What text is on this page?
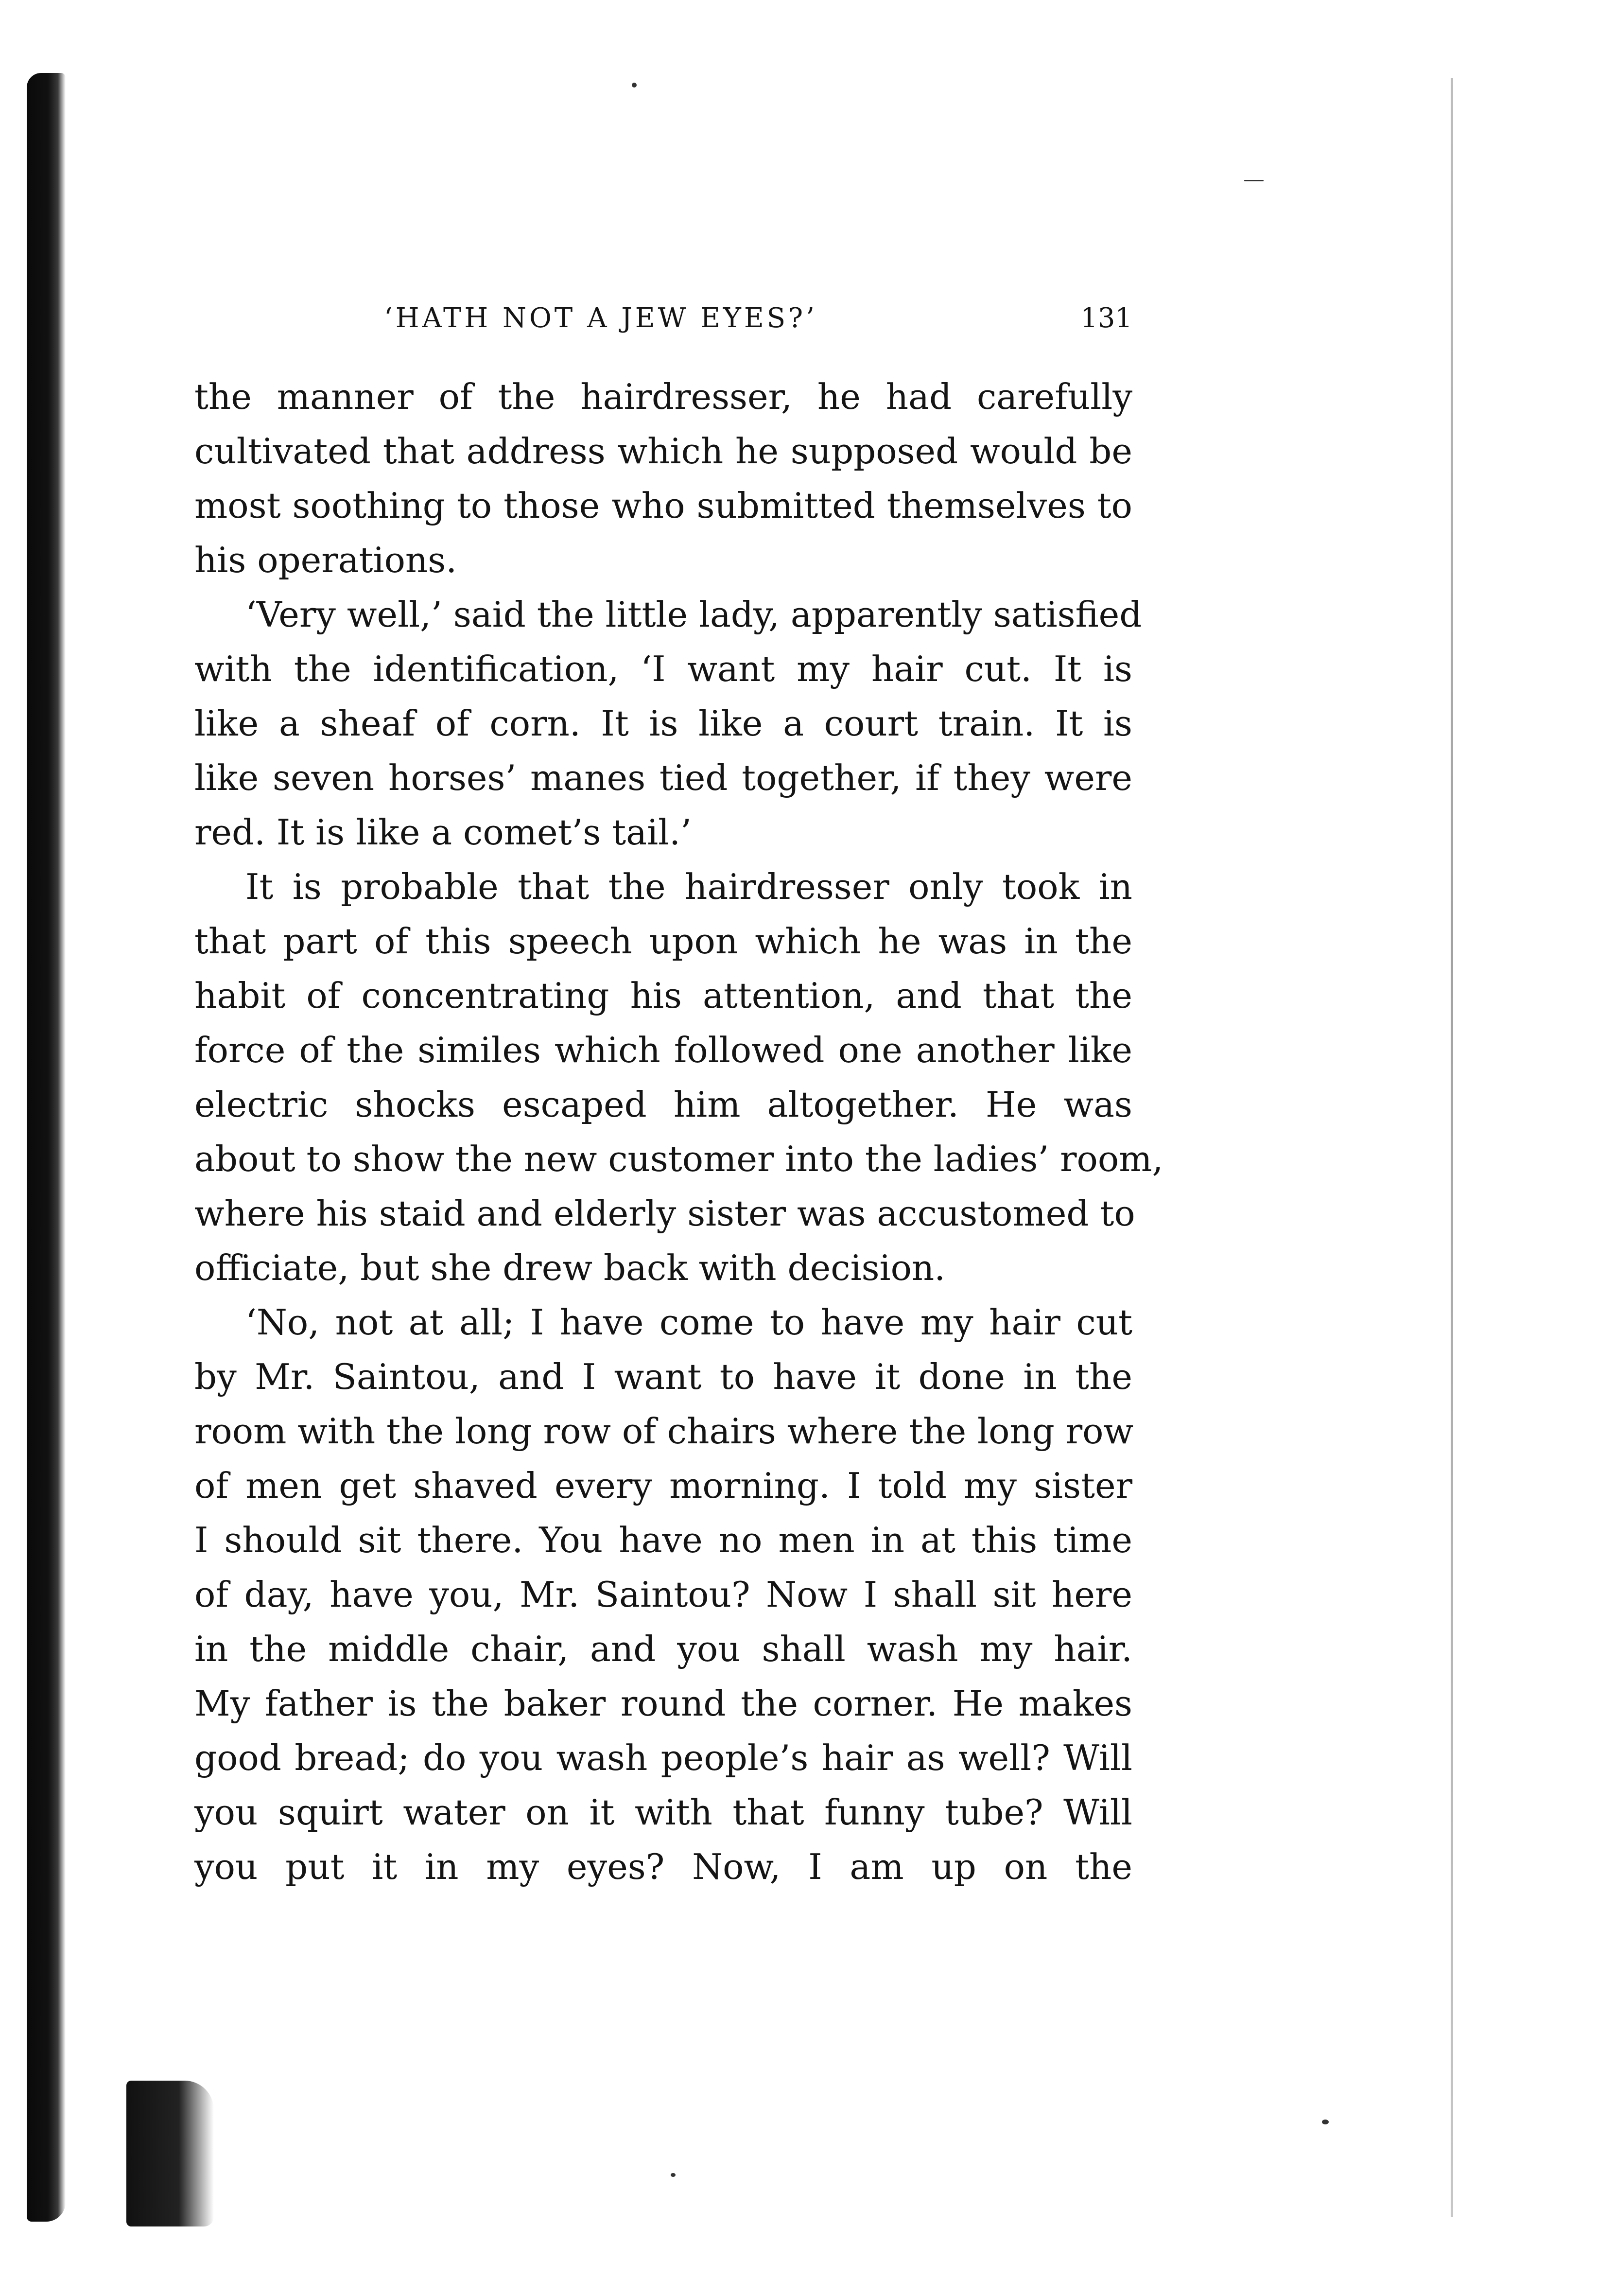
‘HATH NOT A JEW EYES?’	131
the manner of the hairdresser, he had carefully
cultivated that address which he supposed would be
most soothing to those who submitted themselves to
his operations.
‘Very well,’ said the little lady, apparently satisfied
with the identification, ‘I want my hair cut. It is
like a sheaf of corn. It is like a court train. It is
like seven horses’ manes tied together, if they were
red. It is like a comet’s tail.’
It is probable that the hairdresser only took in
that part of this speech upon which he was in the
habit of concentrating his attention, and that the
force of the similes which followed one another like
electric shocks escaped him altogether. He was
about to show the new customer into the ladies’ room,
where his staid and elderly sister was accustomed to
officiate, but she drew back with decision.
‘No, not at all; I have come to have my hair cut
by Mr. Saintou, and I want to have it done in the
room with the long row of chairs where the long row
of men get shaved every morning. I told my sister
I should sit there. You have no men in at this time
of day, have you, Mr. Saintou? Now I shall sit here
in the middle chair, and you shall wash my hair.
My father is the baker round the corner. He makes
good bread; do you wash people’s hair as well? Will
you squirt water on it with that funny tube? Will
you put it in my eyes? Now, I am up on the
